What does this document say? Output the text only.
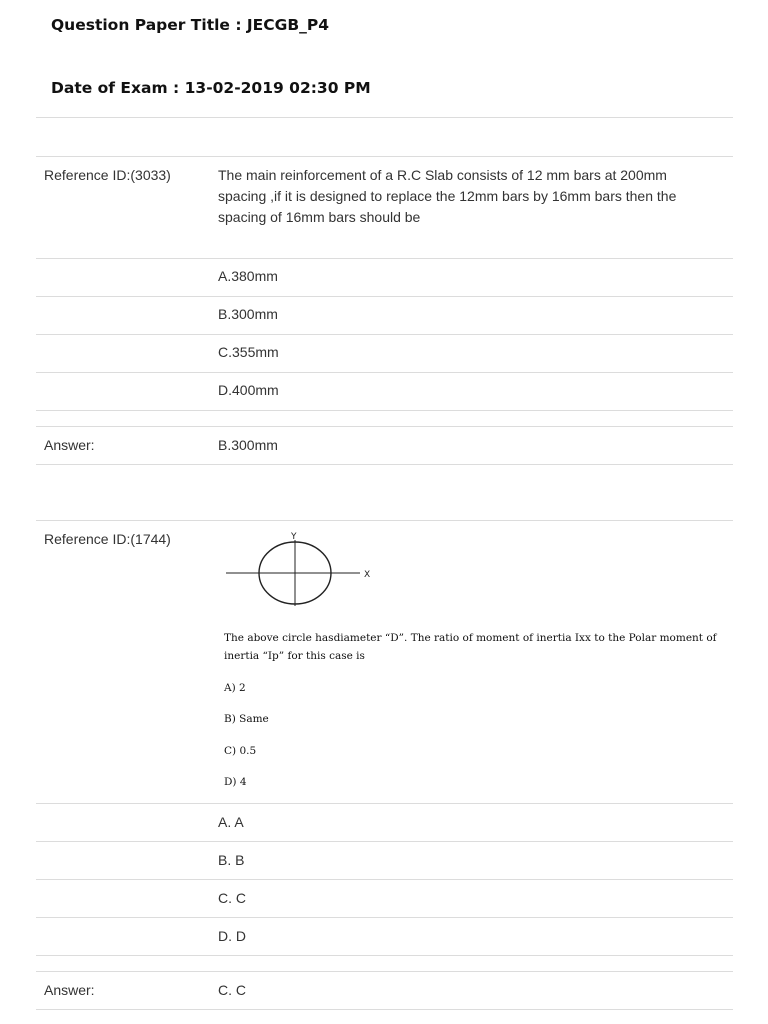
Question Paper Title : JECGB_P4
Date of Exam : 13-02-2019 02:30 PM
Reference ID:(3033)	The main reinforcement of a R.C Slab consists of 12 mm bars at 200mm spacing ,if it is designed to replace the 12mm bars by 16mm bars then the spacing of 16mm bars should be
A.380mm
B.300mm
C.355mm
D.400mm
Answer:	B.300mm
Reference ID:(1744)	Y
X
The above circle hasdiameter “D”. The ratio of moment of inertia Ixx to the Polar moment of inertia “Ip” for this case is
A) 2
B) Same
C) 0.5
D) 4
A. A
B. B
C. C
D. D
Answer:	C. C
